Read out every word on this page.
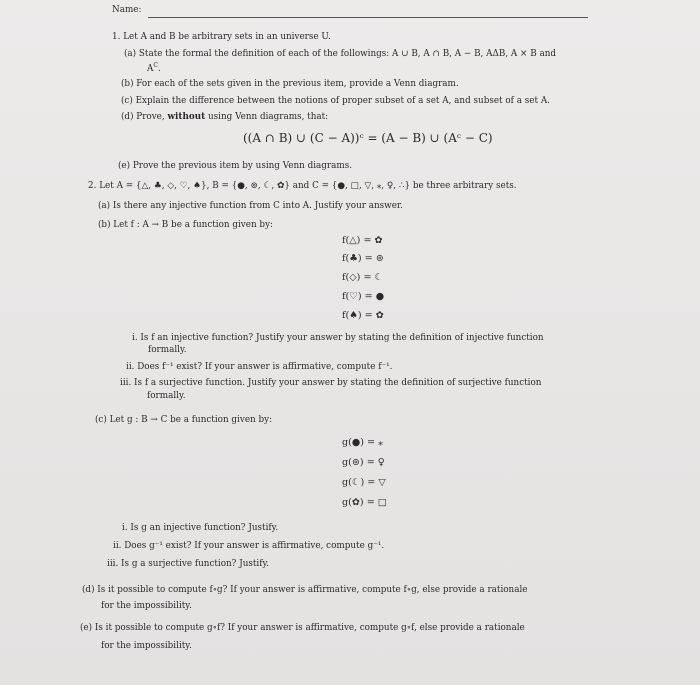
Name:
1. Let A and B be arbitrary sets in an universe U.
(a) State the formal the definition of each of the followings: A ∪ B, A ∩ B, A − B, AΔB, A × B and
$A^C$.
(b) For each of the sets given in the previous item, provide a Venn diagram.
(c) Explain the difference between the notions of proper subset of a set A, and subset of a set A.
(d) Prove, without using Venn diagrams, that:
((A ∩ B) ∪ (C − A))ᶜ = (A − B) ∪ (Aᶜ − C)
(e) Prove the previous item by using Venn diagrams.
2. Let A = {△, ♣, ◇, ♡, ♠}, B = {●, ⊚, ☾, ✿} and C = {●, □, ▽, ⁎, ♀, ∴} be three arbitrary sets.
(a) Is there any injective function from C into A. Justify your answer.
(b) Let f : A → B be a function given by:
f(△) = ✿
f(♣) = ⊚
f(◇) = ☾
f(♡) = ●
f(♠) = ✿
i. Is f an injective function? Justify your answer by stating the definition of injective function
formally.
ii. Does f⁻¹ exist? If your answer is affirmative, compute f⁻¹.
iii. Is f a surjective function. Justify your answer by stating the definition of surjective function
formally.
(c) Let g : B → C be a function given by:
g(●) = ⁎
g(⊚) = ♀
g(☾) = ▽
g(✿) = □
i. Is g an injective function? Justify.
ii. Does g⁻¹ exist? If your answer is affirmative, compute g⁻¹.
iii. Is g a surjective function? Justify.
(d) Is it possible to compute f∘g? If your answer is affirmative, compute f∘g, else provide a rationale
for the impossibility.
(e) Is it possible to compute g∘f? If your answer is affirmative, compute g∘f, else provide a rationale
for the impossibility.
